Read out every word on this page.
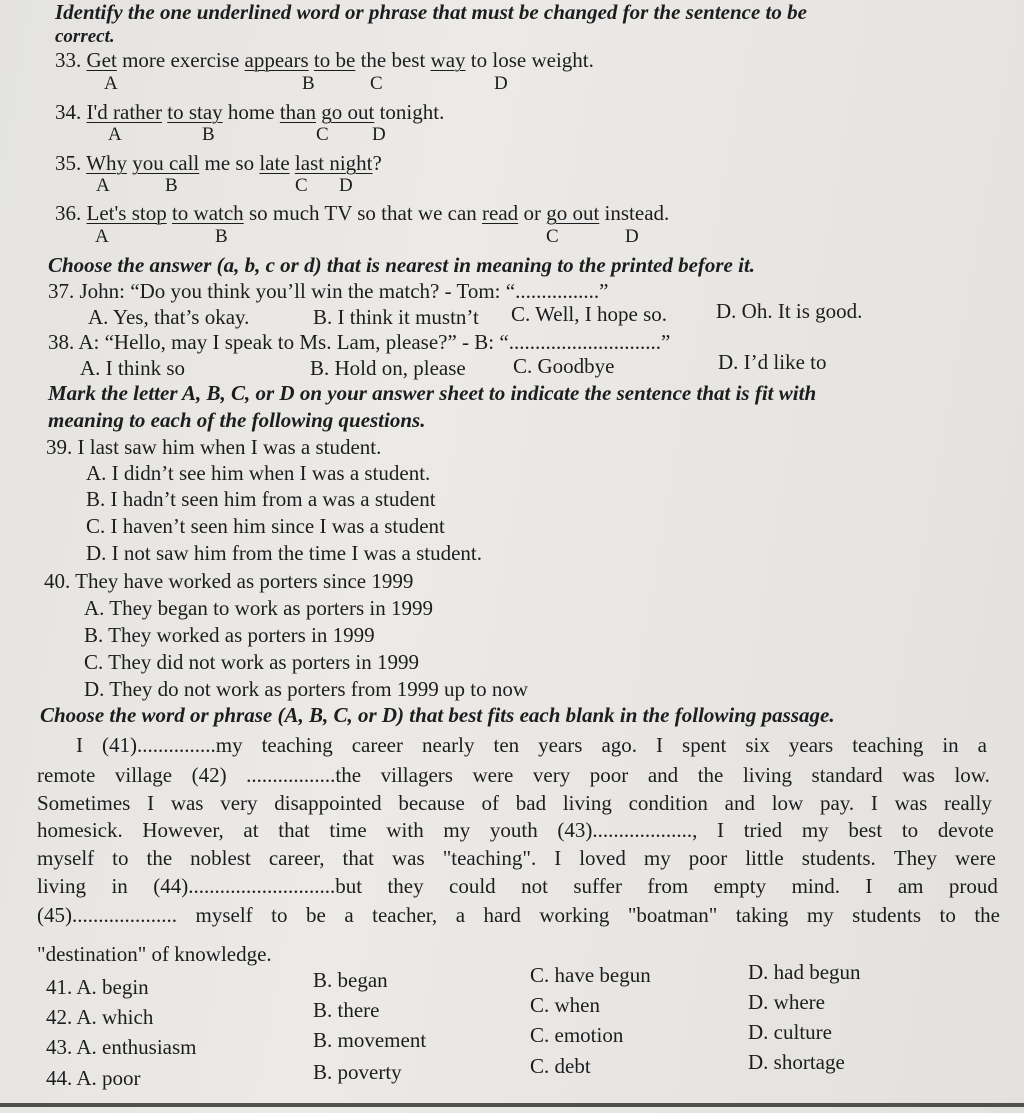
Identify the one underlined word or phrase that must be changed for the sentence to be
correct.
33. Get more exercise appears to be the best way to lose weight.
A	B	C	D
34. I'd rather to stay home than go out tonight.
A	B	C D
35. Why you call me so late last night?
A	B	C D
36. Let's stop to watch so much TV so that we can read or go out instead.
A	B	C	D
Choose the answer (a, b, c or d) that is nearest in meaning to the printed before it.
37. John: “Do you think you’ll win the match? - Tom: “................”
A. Yes, that’s okay.	B. I think it mustn’t C. Well, I hope so. D. Oh. It is good.
38. A: “Hello, may I speak to Ms. Lam, please?” - B: “.............................”
A. I think so	B. Hold on, please C. Goodbye	D. I’d like to
Mark the letter A, B, C, or D on your answer sheet to indicate the sentence that is fit with
meaning to each of the following questions.
39. I last saw him when I was a student.
A. I didn’t see him when I was a student.
B. I hadn’t seen him from a was a student
C. I haven’t seen him since I was a student
D. I not saw him from the time I was a student.
40. They have worked as porters since 1999
A. They began to work as porters in 1999
B. They worked as porters in 1999
C. They did not work as porters in 1999
D. They do not work as porters from 1999 up to now
Choose the word or phrase (A, B, C, or D) that best fits each blank in the following passage.
I (41)...............my teaching career nearly ten years ago. I spent six years teaching in a
remote village (42) .................the villagers were very poor and the living standard was low.
Sometimes I was very disappointed because of bad living condition and low pay. I was really
homesick. However, at that time with my youth (43)..................., I tried my best to devote
myself to the noblest career, that was "teaching". I loved my poor little students. They were
living in (44)............................but they could not suffer from empty mind. I am proud
(45).................... myself to be a teacher, a hard working "boatman" taking my students to the
"destination" of knowledge.
41. A. begin	B. began	C. have begun	D. had begun
42. A. which	B. there	C. when	D. where
43. A. enthusiasm	B. movement	C. emotion	D. culture
44. A. poor	B. poverty	C. debt	D. shortage
